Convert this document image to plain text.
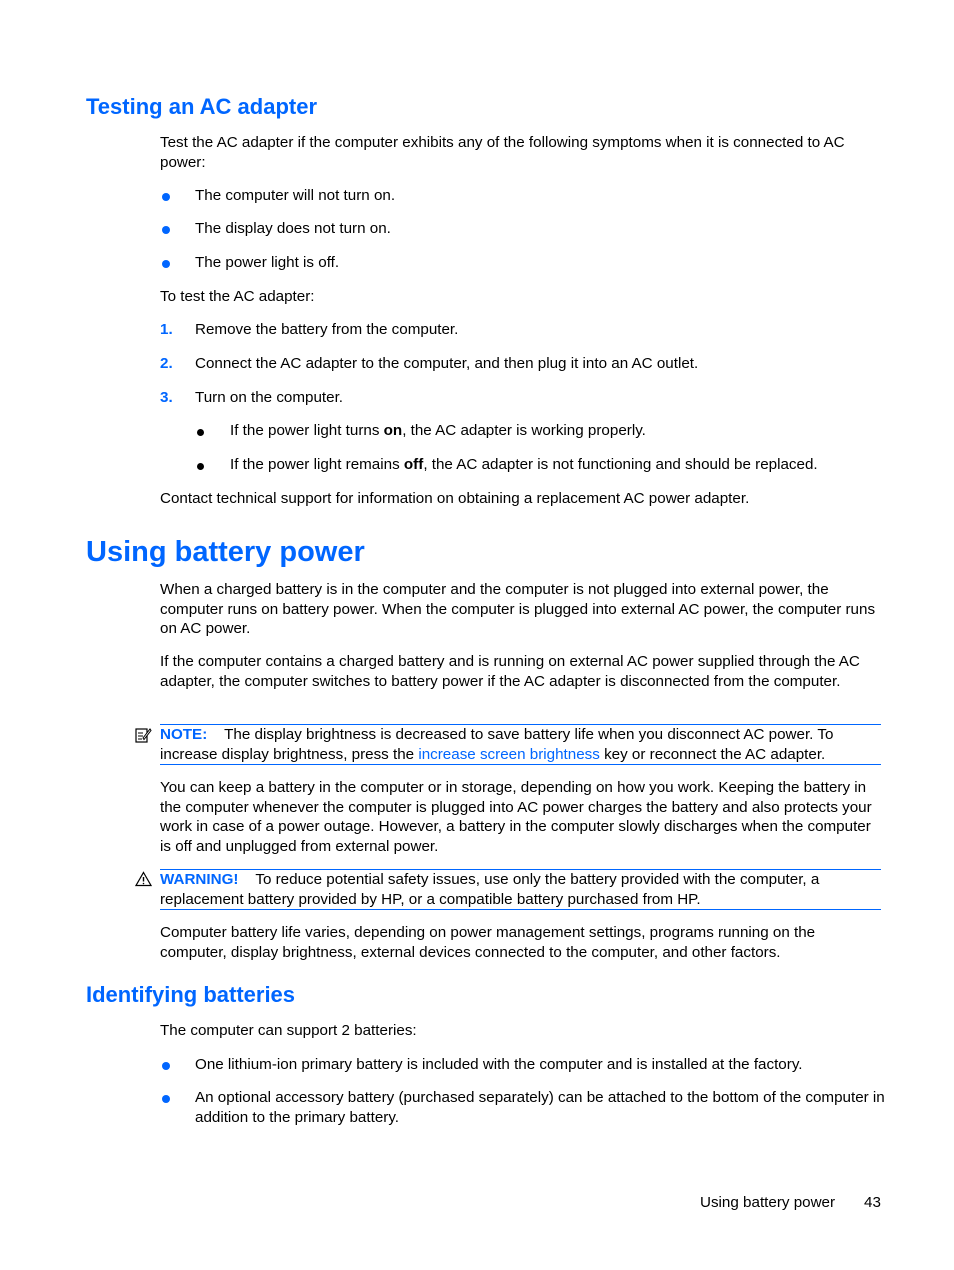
Testing an AC adapter
Test the AC adapter if the computer exhibits any of the following symptoms when it is connected to AC power:
The computer will not turn on.
The display does not turn on.
The power light is off.
To test the AC adapter:
1. Remove the battery from the computer.
2. Connect the AC adapter to the computer, and then plug it into an AC outlet.
3. Turn on the computer.
If the power light turns on, the AC adapter is working properly.
If the power light remains off, the AC adapter is not functioning and should be replaced.
Contact technical support for information on obtaining a replacement AC power adapter.
Using battery power
When a charged battery is in the computer and the computer is not plugged into external power, the computer runs on battery power. When the computer is plugged into external AC power, the computer runs on AC power.
If the computer contains a charged battery and is running on external AC power supplied through the AC adapter, the computer switches to battery power if the AC adapter is disconnected from the computer.
NOTE: The display brightness is decreased to save battery life when you disconnect AC power. To increase display brightness, press the increase screen brightness key or reconnect the AC adapter.
You can keep a battery in the computer or in storage, depending on how you work. Keeping the battery in the computer whenever the computer is plugged into AC power charges the battery and also protects your work in case of a power outage. However, a battery in the computer slowly discharges when the computer is off and unplugged from external power.
WARNING! To reduce potential safety issues, use only the battery provided with the computer, a replacement battery provided by HP, or a compatible battery purchased from HP.
Computer battery life varies, depending on power management settings, programs running on the computer, display brightness, external devices connected to the computer, and other factors.
Identifying batteries
The computer can support 2 batteries:
One lithium-ion primary battery is included with the computer and is installed at the factory.
An optional accessory battery (purchased separately) can be attached to the bottom of the computer in addition to the primary battery.
Using battery power 43
